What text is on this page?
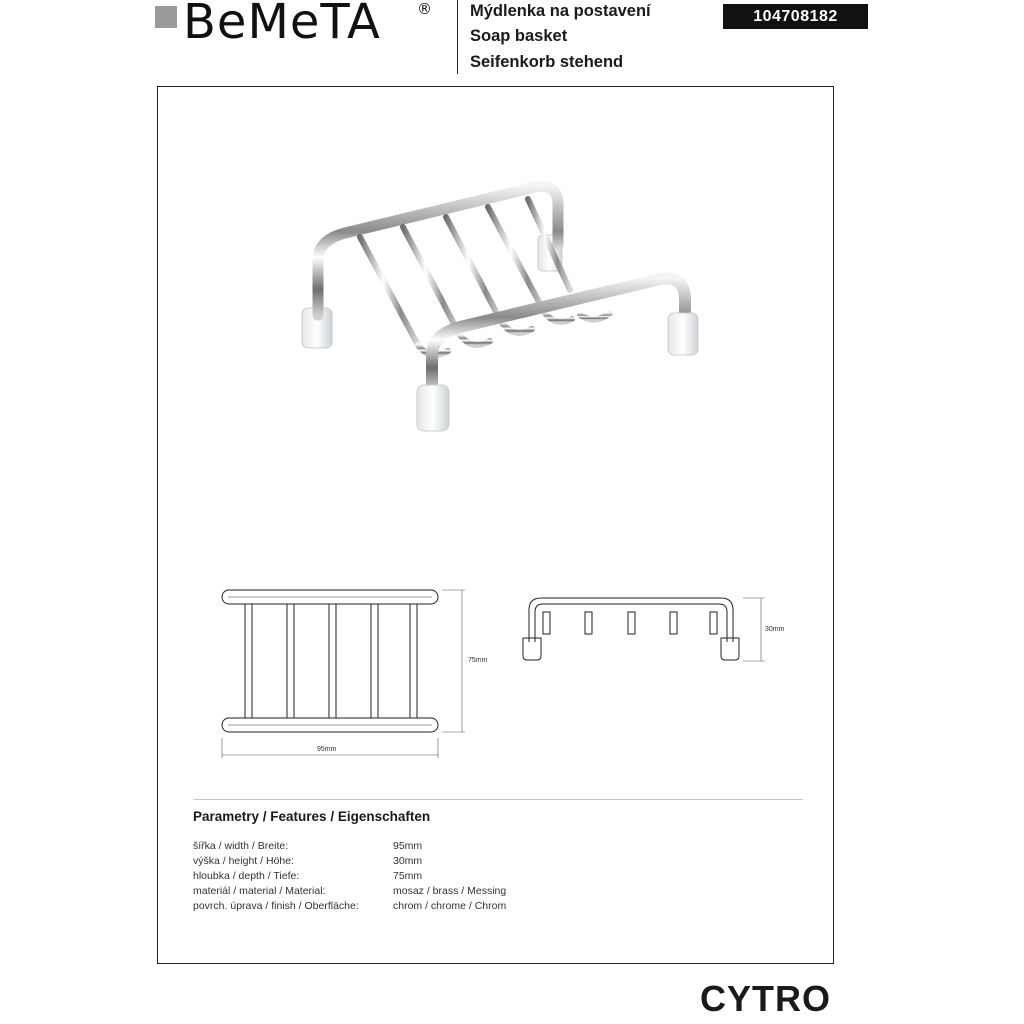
BeMeTA ® Mýdlenka na postavení
Soap basket
Seifenkorb stehend
104708182
75mm
95mm
30mm
Parametry / Features / Eigenschaften
šířka / width / Breite:	95mm
výška / height / Höhe:	30mm
hloubka / depth / Tiefe:	75mm
materiál / material / Material:	mosaz / brass / Messing
povrch. úprava / finish / Oberfläche:	chrom / chrome / Chrom
CYTRO
